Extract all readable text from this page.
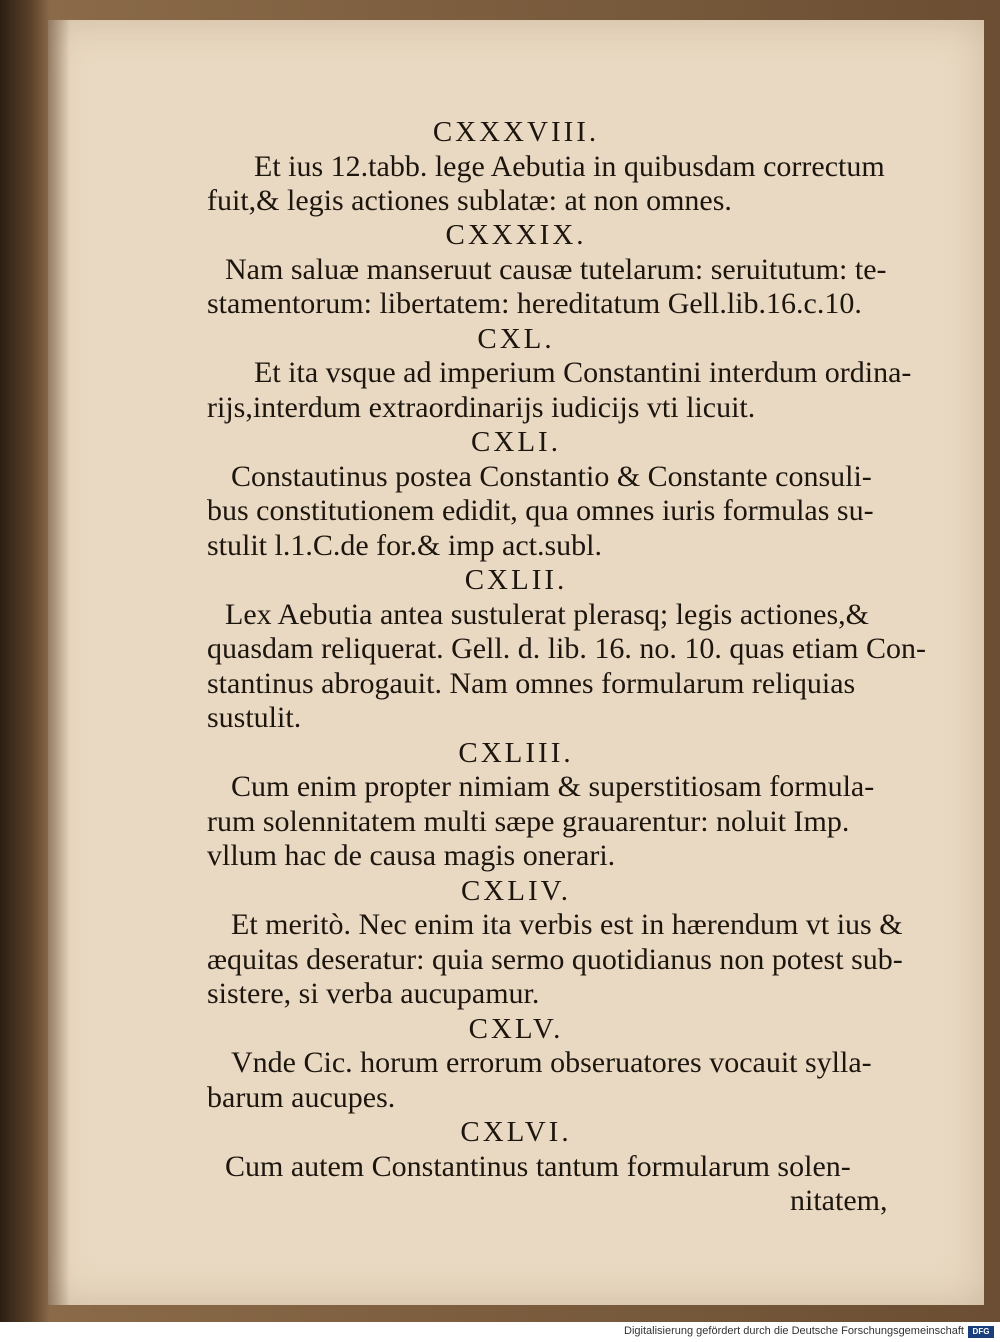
CXXXVIII.
Et ius 12.tabb. lege Aebutia in quibusdam correctum
fuit,& legis actiones sublatæ: at non omnes.
CXXXIX.
Nam saluæ manseruut causæ tutelarum: seruitutum: te-
stamentorum: libertatem: hereditatum Gell.lib.16.c.10.
CXL.
Et ita vsque ad imperium Constantini interdum ordina-
rijs,interdum extraordinarijs iudicijs vti licuit.
CXLI.
Constautinus postea Constantio & Constante consuli-
bus constitutionem edidit, qua omnes iuris formulas su-
stulit l.1.C.de for.& imp act.subl.
CXLII.
Lex Aebutia antea sustulerat plerasq; legis actiones,&
quasdam reliquerat. Gell. d. lib. 16. no. 10. quas etiam Con-
stantinus abrogauit. Nam omnes formularum reliquias
sustulit.
CXLIII.
Cum enim propter nimiam & superstitiosam formula-
rum solennitatem multi sæpe grauarentur: noluit Imp.
vllum hac de causa magis onerari.
CXLIV.
Et meritò. Nec enim ita verbis est in hærendum vt ius &
æquitas deseratur: quia sermo quotidianus non potest sub-
sistere, si verba aucupamur.
CXLV.
Vnde Cic. horum errorum obseruatores vocauit sylla-
barum aucupes.
CXLVI.
Cum autem Constantinus tantum formularum solen-
nitatem,
Digitalisierung gefördert durch die Deutsche Forschungsgemeinschaft	DFG
